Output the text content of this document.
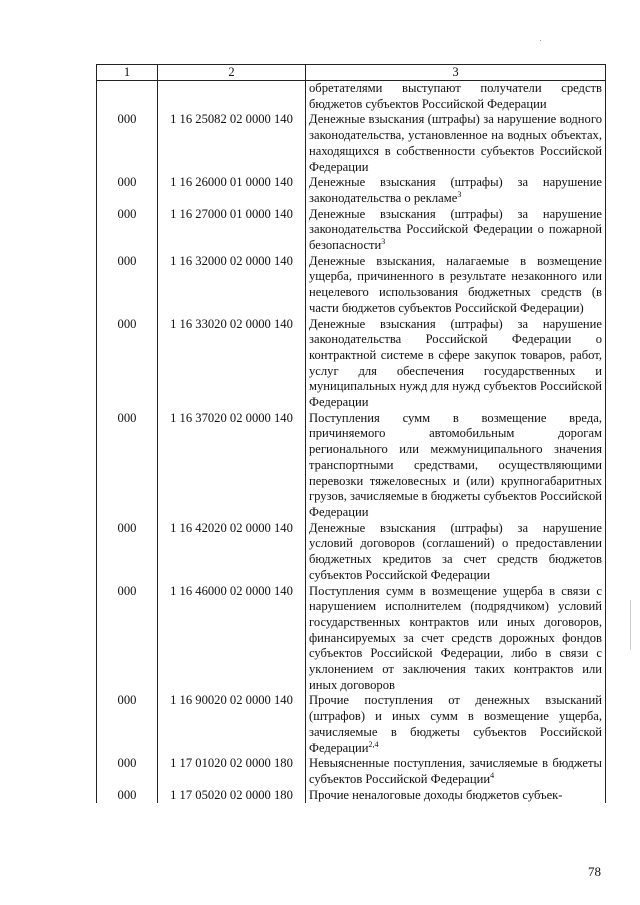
1	2	3
		обретателями выступают получатели средств бюджетов субъектов Российской Федерации
000	1 16 25082 02 0000 140	Денежные взыскания (штрафы) за нарушение водного законодательства, установленное на водных объектах, находящихся в собственности субъектов Российской Федерации
000	1 16 26000 01 0000 140	Денежные взыскания (штрафы) за нарушение законодательства о рекламе$^3$
000	1 16 27000 01 0000 140	Денежные взыскания (штрафы) за нарушение законодательства Российской Федерации о пожарной безопасности$^3$
000	1 16 32000 02 0000 140	Денежные взыскания, налагаемые в возмещение ущерба, причиненного в результате незаконного или нецелевого использования бюджетных средств (в части бюджетов субъектов Российской Федерации)
000	1 16 33020 02 0000 140	Денежные взыскания (штрафы) за нарушение законодательства Российской Федерации о контрактной системе в сфере закупок товаров, работ, услуг для обеспечения государственных и муниципальных нужд для нужд субъектов Российской Федерации
000	1 16 37020 02 0000 140	Поступления сумм в возмещение вреда, причиняемого автомобильным дорогам регионального или межмуниципального значения транспортными средствами, осуществляющими перевозки тяжеловесных и (или) крупногабаритных грузов, зачисляемые в бюджеты субъектов Российской Федерации
000	1 16 42020 02 0000 140	Денежные взыскания (штрафы) за нарушение условий договоров (соглашений) о предоставлении бюджетных кредитов за счет средств бюджетов субъектов Российской Федерации
000	1 16 46000 02 0000 140	Поступления сумм в возмещение ущерба в связи с нарушением исполнителем (подрядчиком) условий государственных контрактов или иных договоров, финансируемых за счет средств дорожных фондов субъектов Российской Федерации, либо в связи с уклонением от заключения таких контрактов или иных договоров
000	1 16 90020 02 0000 140	Прочие поступления от денежных взысканий (штрафов) и иных сумм в возмещение ущерба, зачисляемые в бюджеты субъектов Российской Федерации$^{2,4}$
000	1 17 01020 02 0000 180	Невыясненные поступления, зачисляемые в бюджеты субъектов Российской Федерации$^4$
000	1 17 05020 02 0000 180	Прочие неналоговые доходы бюджетов субъек-
78
